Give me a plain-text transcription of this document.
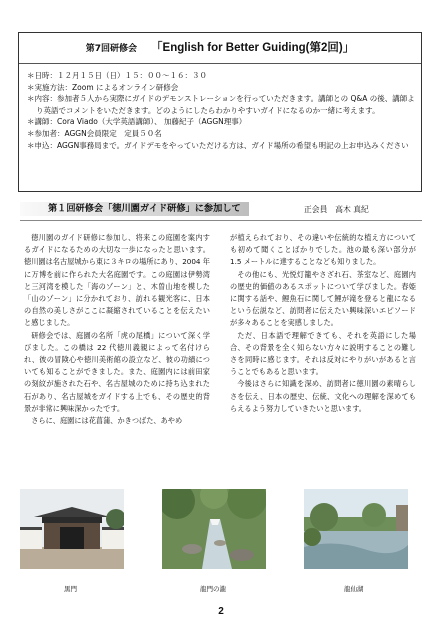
第7回研修会 「English for Better Guiding(第2回)」
＊日時：１２月１５日（日）１５：００～１６：３０
＊実施方法：Zoom によるオンライン研修会
＊内容：参加者５人から実際にガイドのデモンストレーションを行っていただきます。講師との Q&A の後、講師より英語でコメントをいただきます。どのようにしたらわかりやすいガイドになるのか一緒に考えます。
＊講師：Cora Viado（大学英語講師）、 加藤紀子（AGGN理事）
＊参加者：AGGN会員限定　定員５０名
＊申込：AGGN事務局まで。ガイドデモをやっていただける方は、ガイド場所の希望も明記の上お申込みください
第１回研修会「徳川園ガイド研修」に参加して	正会員　高木 真紀

徳川園のガイド研修に参加し、将来この庭園を案内するガイドになるための大切な一歩になったと思います。徳川園は名古屋城から東に３キロの場所にあり、2004 年に万博を前に作られた大名庭園です。この庭園は伊勢湾と三河湾を模した「海のゾーン」と、木曽山地を模した「山のゾーン」に分かれており、訪れる観光客に、日本の自然の美しさがここに凝縮されていることを伝えたいと感じました。

研修会では、庭園の名所「虎の尾橋」について深く学びました。この橋は 22 代徳川義親によって名付けられ、彼の冒険心や徳川美術館の設立など、彼の功績についても知ることができました。また、庭園内には前田家の刻紋が施された石や、名古屋城のために持ち込まれた石があり、名古屋城をガイドする上でも、その歴史的背景が非常に興味深かったです。

さらに、庭園には花菖蒲、かきつばた、あやめ

が植えられており、その違いや伝統的な植え方についても初めて聞くことばかりでした。池の最も深い部分が 1.5 メートルに達することなども知りました。

その他にも、光悦灯籠やさざれ石、茶室など、庭園内の歴史的価値のあるスポットについて学びました。春姫に関する話や、鯉魚石に関して鯉が滝を登ると龍になるという伝説など、訪問者に伝えたい興味深いエピソードが多々あることを実感しました。

ただ、日本語で理解できても、それを英語にした場合、その背景を全く知らない方々に説明することの難しさを同時に感じます。それは反対にやりがいがあると言うことでもあると思います。

今後はさらに知識を深め、訪問者に徳川園の素晴らしさを伝え、日本の歴史、伝統、文化への理解を深めてもらえるよう努力していきたいと思います。

黒門	龍門の瀧	龍仙湖
2
